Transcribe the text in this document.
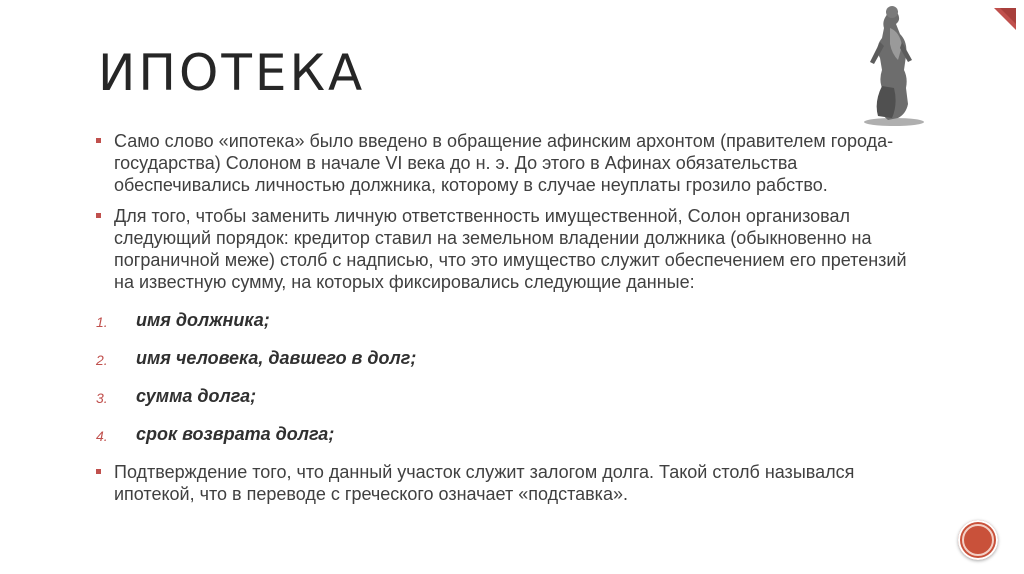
ИПОТЕКА
Само слово «ипотека» было введено в обращение афинским архонтом (правителем города-государства) Солоном в начале VI века до н. э. До этого в Афинах обязательства обеспечивались личностью должника, которому в случае неуплаты грозило рабство.
Для того, чтобы заменить личную ответственность имущественной, Солон организовал следующий порядок: кредитор ставил на земельном владении должника (обыкновенно на пограничной меже) столб с надписью, что это имущество служит обеспечением его претензий на известную сумму, на которых фиксировались следующие данные:
1. имя должника;
2. имя человека, давшего в долг;
3. сумма долга;
4. срок возврата долга;
Подтверждение того, что данный участок служит залогом долга. Такой столб назывался ипотекой, что в переводе с греческого означает «подставка».
